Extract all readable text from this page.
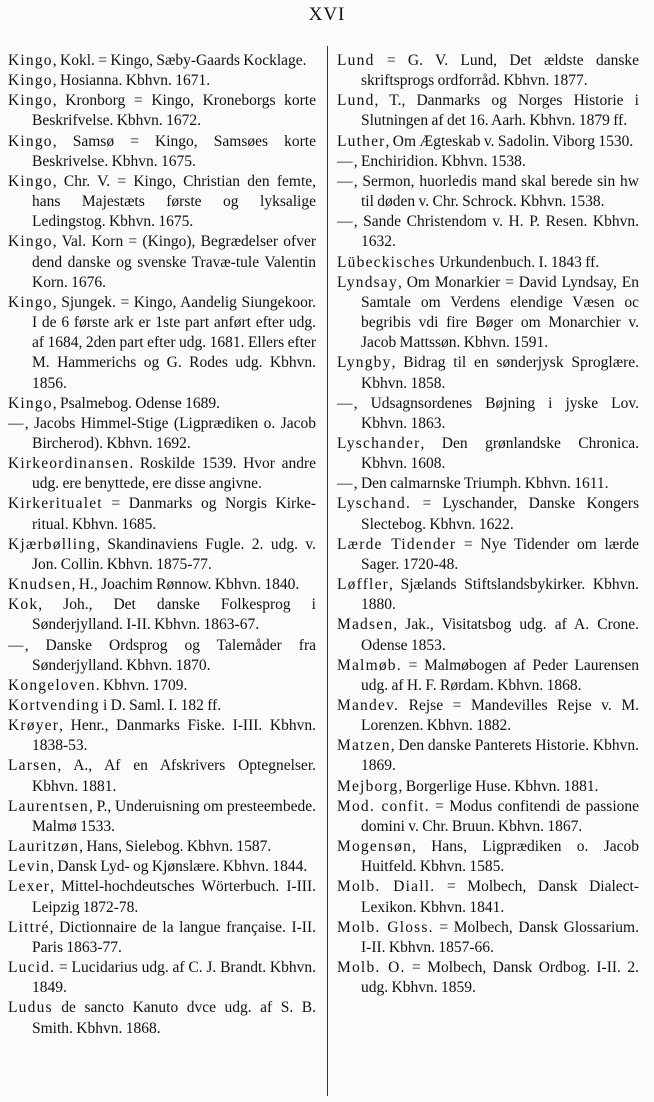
XVI

Kingo, Kokl. = Kingo, Sæby-Gaards Kocklage.

Kingo, Hosianna. Kbhvn. 1671.

Kingo, Kronborg = Kingo, Kroneborgs korte Beskrifvelse. Kbhvn. 1672.

Kingo, Samsø = Kingo, Samsøes korte Beskrivelse. Kbhvn. 1675.

Kingo, Chr. V. = Kingo, Christian den femte, hans Majestæts første og lyksalige Ledingstog. Kbhvn. 1675.

Kingo, Val. Korn = (Kingo), Begrædelser ofver dend danske og svenske Travæ-tule Valentin Korn. 1676.

Kingo, Sjungek. = Kingo, Aandelig Siungekoor. I de 6 første ark er 1ste part anført efter udg. af 1684, 2den part efter udg. 1681. Ellers efter M. Hammerichs og G. Rodes udg. Kbhvn. 1856.

Kingo, Psalmebog. Odense 1689.

—, Jacobs Himmel-Stige (Ligprædiken o. Jacob Bircherod). Kbhvn. 1692.

Kirkeordinansen. Roskilde 1539. Hvor andre udg. ere benyttede, ere disse angivne.

Kirkeritualet = Danmarks og Norgis Kirke-ritual. Kbhvn. 1685.

Kjærbølling, Skandinaviens Fugle. 2. udg. v. Jon. Collin. Kbhvn. 1875-77.

Knudsen, H., Joachim Rønnow. Kbhvn. 1840.

Kok, Joh., Det danske Folkesprog i Sønderjylland. I-II. Kbhvn. 1863-67.

—, Danske Ordsprog og Talemåder fra Sønderjylland. Kbhvn. 1870.

Kongeloven. Kbhvn. 1709.

Kortvending i D. Saml. I. 182 ff.

Krøyer, Henr., Danmarks Fiske. I-III. Kbhvn. 1838-53.

Larsen, A., Af en Afskrivers Optegnelser. Kbhvn. 1881.

Laurentsen, P., Underuisning om presteembede. Malmø 1533.

Lauritzøn, Hans, Sielebog. Kbhvn. 1587.

Levin, Dansk Lyd- og Kjønslære. Kbhvn. 1844.

Lexer, Mittel-hochdeutsches Wörterbuch. I-III. Leipzig 1872-78.

Littré, Dictionnaire de la langue française. I-II. Paris 1863-77.

Lucid. = Lucidarius udg. af C. J. Brandt. Kbhvn. 1849.

Ludus de sancto Kanuto dvce udg. af S. B. Smith. Kbhvn. 1868.

Lund = G. V. Lund, Det ældste danske skriftsprogs ordforråd. Kbhvn. 1877.

Lund, T., Danmarks og Norges Historie i Slutningen af det 16. Aarh. Kbhvn. 1879 ff.

Luther, Om Ægteskab v. Sadolin. Viborg 1530.

—, Enchiridion. Kbhvn. 1538.

—, Sermon, huorledis mand skal berede sin hw til døden v. Chr. Schrock. Kbhvn. 1538.

—, Sande Christendom v. H. P. Resen. Kbhvn. 1632.

Lübeckisches Urkundenbuch. I. 1843 ff.

Lyndsay, Om Monarkier = David Lyndsay, En Samtale om Verdens elendige Væsen oc begribis vdi fire Bøger om Monarchier v. Jacob Mattssøn. Kbhvn. 1591.

Lyngby, Bidrag til en sønderjysk Sproglære. Kbhvn. 1858.

—, Udsagnsordenes Bøjning i jyske Lov. Kbhvn. 1863.

Lyschander, Den grønlandske Chronica. Kbhvn. 1608.

—, Den calmarnske Triumph. Kbhvn. 1611.

Lyschand. = Lyschander, Danske Kongers Slectebog. Kbhvn. 1622.

Lærde Tidender = Nye Tidender om lærde Sager. 1720-48.

Løffler, Sjælands Stiftslandsbykirker. Kbhvn. 1880.

Madsen, Jak., Visitatsbog udg. af A. Crone. Odense 1853.

Malmøb. = Malmøbogen af Peder Laurensen udg. af H. F. Rørdam. Kbhvn. 1868.

Mandev. Rejse = Mandevilles Rejse v. M. Lorenzen. Kbhvn. 1882.

Matzen, Den danske Panterets Historie. Kbhvn. 1869.

Mejborg, Borgerlige Huse. Kbhvn. 1881.

Mod. confit. = Modus confitendi de passione domini v. Chr. Bruun. Kbhvn. 1867.

Mogensøn, Hans, Ligprædiken o. Jacob Huitfeld. Kbhvn. 1585.

Molb. Diall. = Molbech, Dansk Dialect-Lexikon. Kbhvn. 1841.

Molb. Gloss. = Molbech, Dansk Glossarium. I-II. Kbhvn. 1857-66.

Molb. O. = Molbech, Dansk Ordbog. I-II. 2. udg. Kbhvn. 1859.
